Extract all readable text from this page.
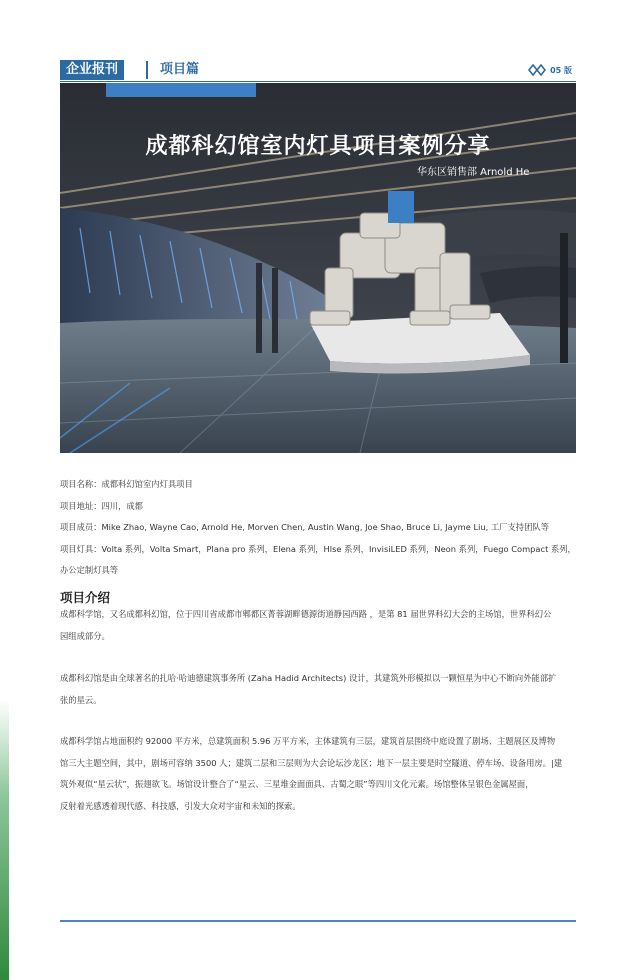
企业报刊	项目篇	05 版
成都科幻馆室内灯具项目案例分享
华东区销售部 Arnold He

项目名称：成都科幻馆室内灯具项目

项目地址：四川，成都

项目成员：Mike Zhao, Wayne Cao, Arnold He, Morven Chen, Austin Wang, Joe Shao, Bruce Li, Jayme Liu, 工厂支持团队等

项目灯具：Volta 系列，Volta Smart，Plana pro 系列，Elena 系列，Hlse 系列，InvisiLED 系列，Neon 系列，Fuego Compact 系列，

办公定制灯具等

项目介绍
成都科学馆，又名成都科幻馆，位于四川省成都市郫都区菁蓉湖畔德源街道静园西路 ，是第 81 届世界科幻大会的主场馆，世界科幻公
园组成部分。
成都科幻馆是由全球著名的扎哈·哈迪德建筑事务所 (Zaha Hadid Architects) 设计，其建筑外形模拟以一颗恒星为中心不断向外能部扩
张的星云。
成都科学馆占地面积约 92000 平方米，总建筑面积 5.96 万平方米，主体建筑有三层，建筑首层围绕中庭设置了剧场、主题展区及博物
馆三大主题空间，其中，剧场可容纳 3500 人；建筑二层和三层则为大会论坛沙龙区；地下一层主要是时空隧道、停车场、设备用房。|建
筑外观似“星云状”，振翅欲飞。场馆设计整合了“星云、三星堆金面面具、古蜀之眼”等四川文化元素。场馆整体呈银色金属屋面，
反射着光感透着现代感、科技感，引发大众对宇宙和未知的探索。
